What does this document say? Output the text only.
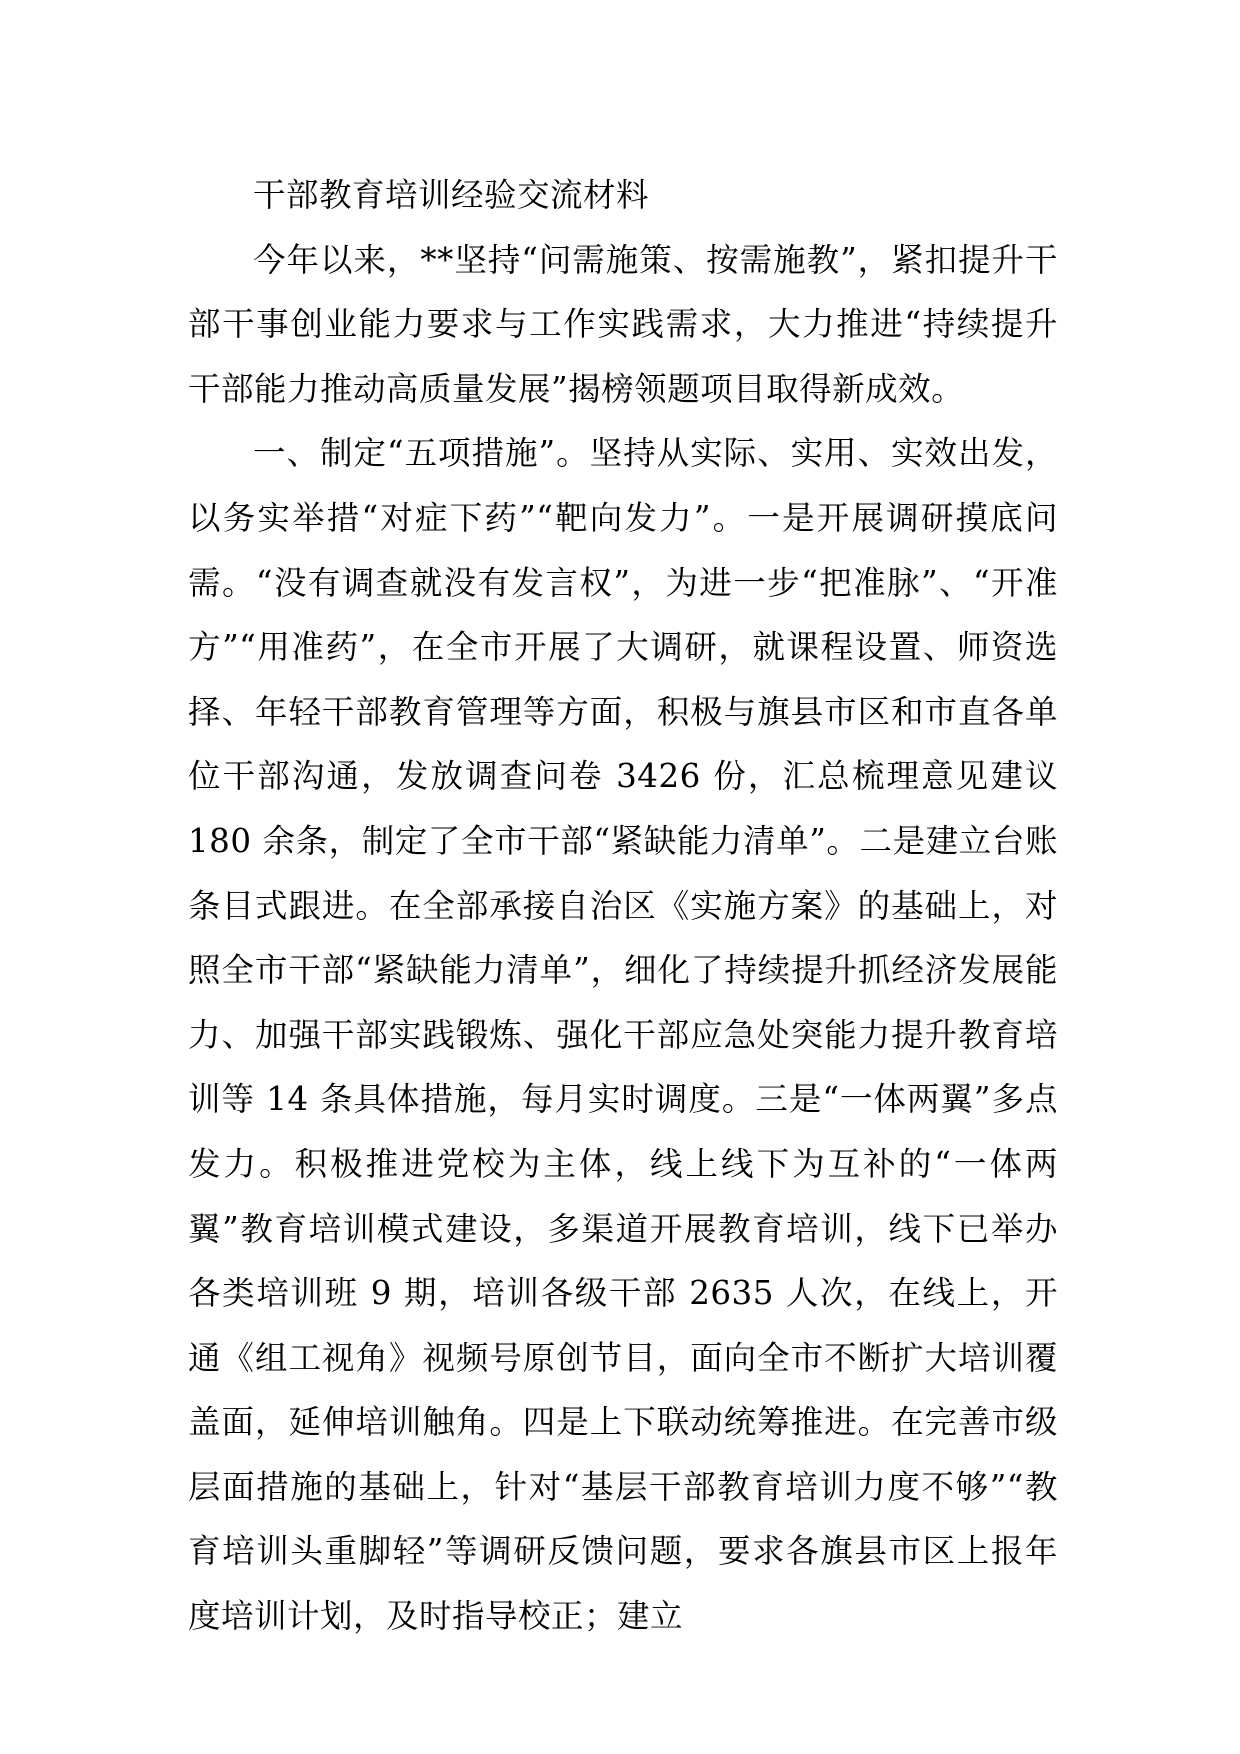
干部教育培训经验交流材料

今年以来，**坚持“问需施策、按需施教”，紧扣提升干部干事创业能力要求与工作实践需求，大力推进“持续提升干部能力推动高质量发展”揭榜领题项目取得新成效。

一、制定“五项措施”。坚持从实际、实用、实效出发，以务实举措“对症下药”“靶向发力”。一是开展调研摸底问需。“没有调查就没有发言权”，为进一步“把准脉”、“开准方”“用准药”，在全市开展了大调研，就课程设置、师资选择、年轻干部教育管理等方面，积极与旗县市区和市直各单位干部沟通，发放调查问卷 3426 份，汇总梳理意见建议 180 余条，制定了全市干部“紧缺能力清单”。二是建立台账条目式跟进。在全部承接自治区《实施方案》的基础上，对照全市干部“紧缺能力清单”，细化了持续提升抓经济发展能力、加强干部实践锻炼、强化干部应急处突能力提升教育培训等 14 条具体措施，每月实时调度。三是“一体两翼”多点发力。积极推进党校为主体，线上线下为互补的“一体两翼”教育培训模式建设，多渠道开展教育培训，线下已举办各类培训班 9 期，培训各级干部 2635 人次，在线上，开通《组工视角》视频号原创节目，面向全市不断扩大培训覆盖面，延伸培训触角。四是上下联动统筹推进。在完善市级层面措施的基础上，针对“基层干部教育培训力度不够”“教育培训头重脚轻”等调研反馈问题，要求各旗县市区上报年度培训计划，及时指导校正；建立
